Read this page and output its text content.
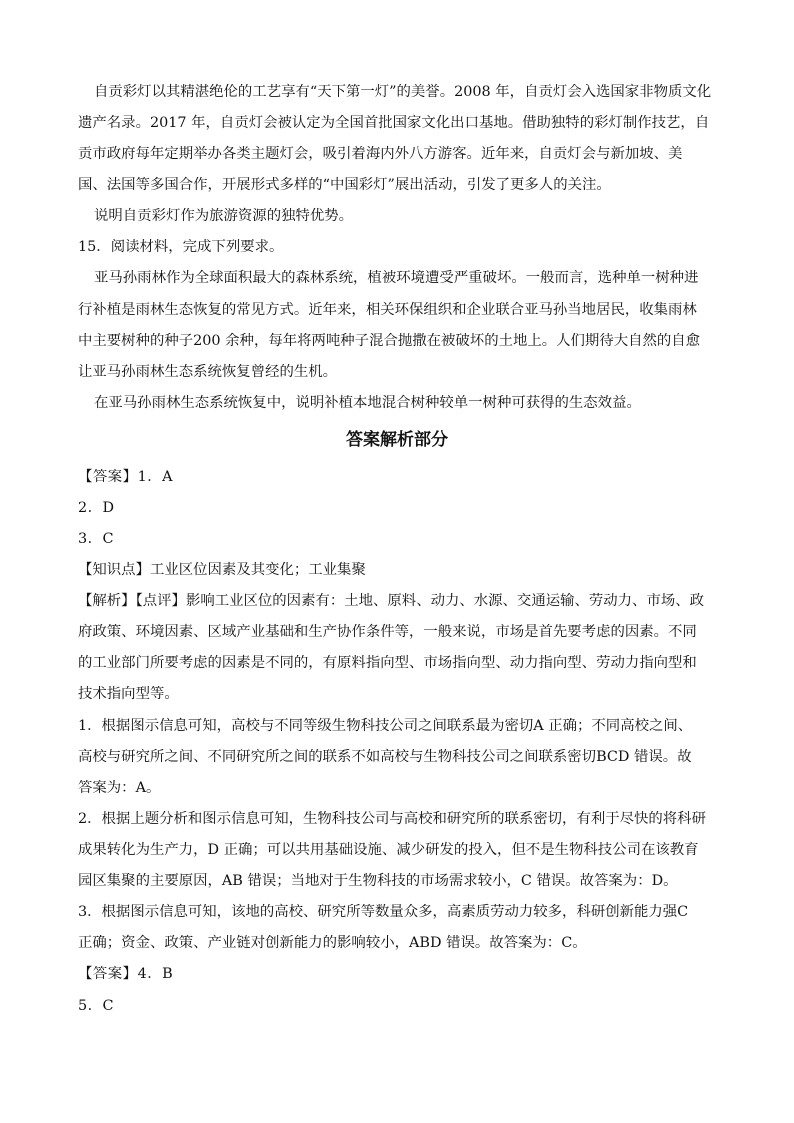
自贡彩灯以其精湛绝伦的工艺享有“天下第一灯”的美誉。2008 年，自贡灯会入选国家非物质文化
遗产名录。2017 年，自贡灯会被认定为全国首批国家文化出口基地。借助独特的彩灯制作技艺，自
贡市政府每年定期举办各类主题灯会，吸引着海内外八方游客。近年来，自贡灯会与新加坡、美
国、法国等多国合作，开展形式多样的“中国彩灯”展出活动，引发了更多人的关注。
说明自贡彩灯作为旅游资源的独特优势。
15．阅读材料，完成下列要求。
亚马孙雨林作为全球面积最大的森林系统，植被环境遭受严重破坏。一般而言，选种单一树种进
行补植是雨林生态恢复的常见方式。近年来，相关环保组织和企业联合亚马孙当地居民，收集雨林
中主要树种的种子200 余种，每年将两吨种子混合抛撒在被破坏的土地上。人们期待大自然的自愈
让亚马孙雨林生态系统恢复曾经的生机。
在亚马孙雨林生态系统恢复中，说明补植本地混合树种较单一树种可获得的生态效益。
答案解析部分
【答案】1．A
2．D
3．C
【知识点】工业区位因素及其变化；工业集聚
【解析】【点评】影响工业区位的因素有：土地、原料、动力、水源、交通运输、劳动力、市场、政
府政策、环境因素、区域产业基础和生产协作条件等，一般来说，市场是首先要考虑的因素。不同
的工业部门所要考虑的因素是不同的，有原料指向型、市场指向型、动力指向型、劳动力指向型和
技术指向型等。
1．根据图示信息可知，高校与不同等级生物科技公司之间联系最为密切A 正确；不同高校之间、
高校与研究所之间、不同研究所之间的联系不如高校与生物科技公司之间联系密切BCD 错误。故
答案为：A。
2．根据上题分析和图示信息可知，生物科技公司与高校和研究所的联系密切，有利于尽快的将科研
成果转化为生产力，D 正确；可以共用基础设施、减少研发的投入，但不是生物科技公司在该教育
园区集聚的主要原因，AB 错误；当地对于生物科技的市场需求较小，C 错误。故答案为：D。
3．根据图示信息可知，该地的高校、研究所等数量众多，高素质劳动力较多，科研创新能力强C
正确；资金、政策、产业链对创新能力的影响较小，ABD 错误。故答案为：C。
【答案】4．B
5．C
